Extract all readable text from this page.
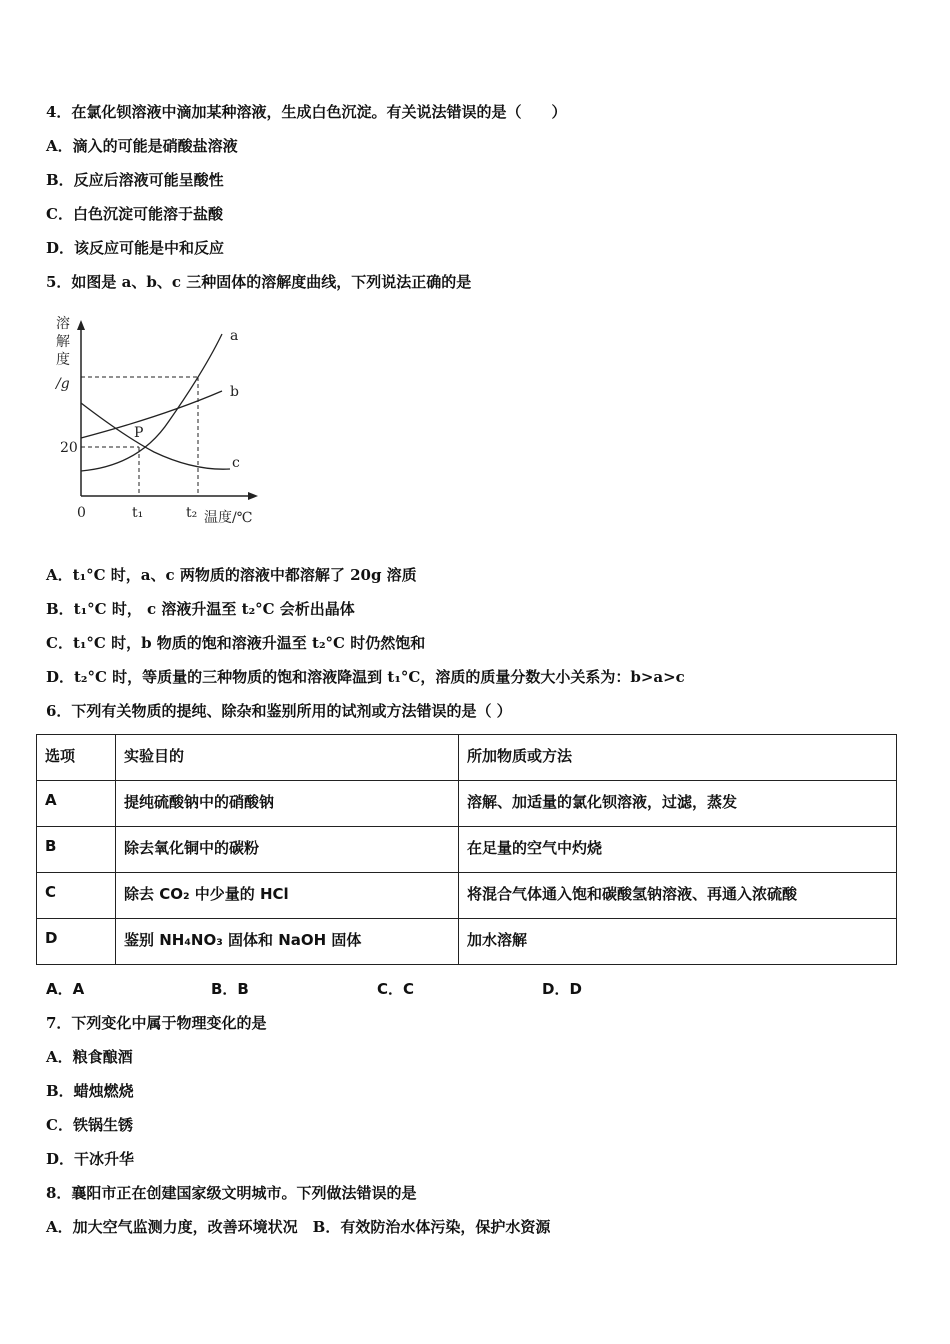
4．在氯化钡溶液中滴加某种溶液，生成白色沉淀。有关说法错误的是（　　）
A．滴入的可能是硝酸盐溶液
B．反应后溶液可能呈酸性
C．白色沉淀可能溶于盐酸
D．该反应可能是中和反应
5．如图是 a、b、c 三种固体的溶解度曲线，下列说法正确的是
溶
解
度
/g
a
b
c
P
20
0	t₁	t₂ 温度/℃
A．t₁°C 时，a、c 两物质的溶液中都溶解了 20g 溶质
B．t₁°C 时， c 溶液升温至 t₂°C 会析出晶体
C．t₁°C 时，b 物质的饱和溶液升温至 t₂°C 时仍然饱和
D．t₂°C 时，等质量的三种物质的饱和溶液降温到 t₁°C，溶质的质量分数大小关系为：b>a>c
6．下列有关物质的提纯、除杂和鉴别所用的试剂或方法错误的是（ ）
选项	实验目的	所加物质或方法
A	提纯硫酸钠中的硝酸钠	溶解、加适量的氯化钡溶液，过滤，蒸发
B	除去氧化铜中的碳粉	在足量的空气中灼烧
C	除去 CO₂ 中少量的 HCl	将混合气体通入饱和碳酸氢钠溶液、再通入浓硫酸
D	鉴别 NH₄NO₃ 固体和 NaOH 固体	加水溶解
A．A	B．B	C．C	D．D
7．下列变化中属于物理变化的是
A．粮食酿酒
B．蜡烛燃烧
C．铁锅生锈
D．干冰升华
8．襄阳市正在创建国家级文明城市。下列做法错误的是
A．加大空气监测力度，改善环境状况　B．有效防治水体污染，保护水资源
